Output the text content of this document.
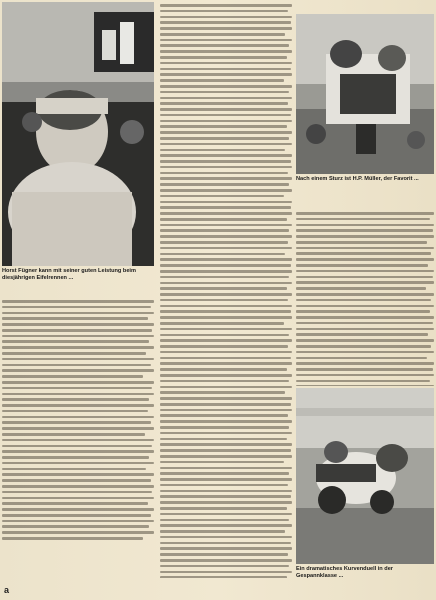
Horst Fügner kann mit seiner guten Leistung beim diesjährigen Eifelrennen ...
Nach einem Sturz ist H.P. Müller, der Favorit ...
Ein dramatisches Kurvenduell in der Gespannklasse ...
a
